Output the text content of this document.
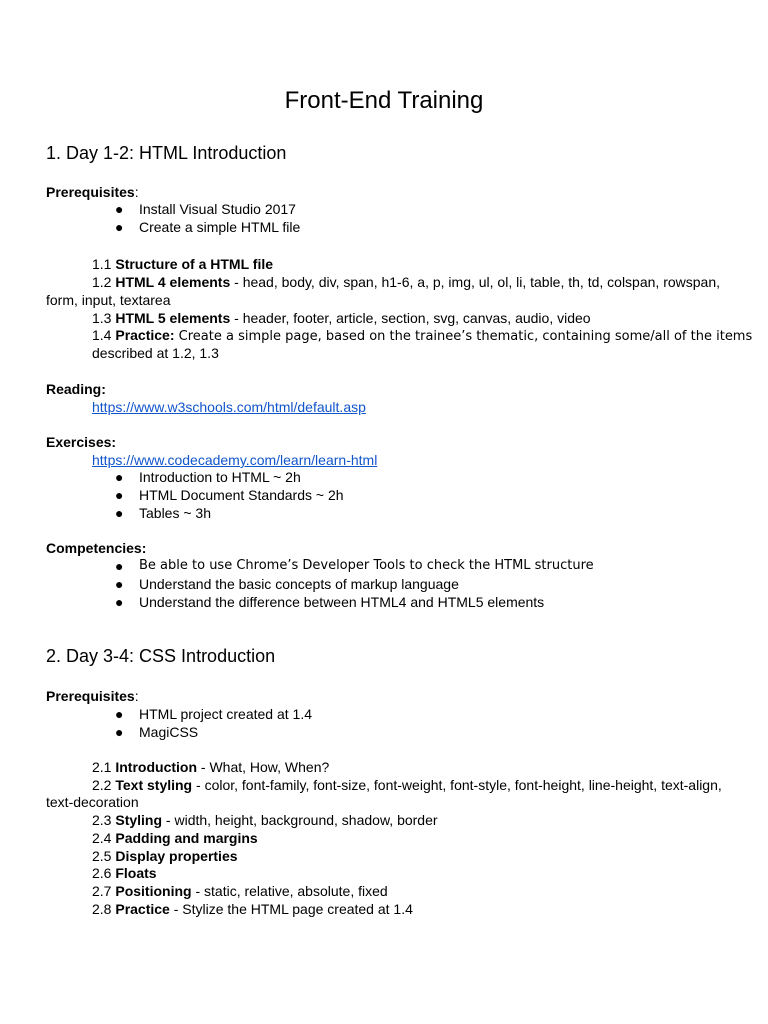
Front-End Training
1. Day 1-2: HTML Introduction
Prerequisites:
● Install Visual Studio 2017
● Create a simple HTML file
1.1 Structure of a HTML file
1.2 HTML 4 elements - head, body, div, span, h1-6, a, p, img, ul, ol, li, table, th, td, colspan, rowspan,
form, input, textarea
1.3 HTML 5 elements - header, footer, article, section, svg, canvas, audio, video
1.4 Practice: Create a simple page, based on the trainee’s thematic, containing some/all of the items
described at 1.2, 1.3
Reading:
https://www.w3schools.com/html/default.asp
Exercises:
https://www.codecademy.com/learn/learn-html
● Introduction to HTML ~ 2h
● HTML Document Standards ~ 2h
● Tables ~ 3h
Competencies:
● Be able to use Chrome’s Developer Tools to check the HTML structure
● Understand the basic concepts of markup language
● Understand the difference between HTML4 and HTML5 elements
2. Day 3-4: CSS Introduction
Prerequisites:
● HTML project created at 1.4
● MagiCSS
2.1 Introduction - What, How, When?
2.2 Text styling - color, font-family, font-size, font-weight, font-style, font-height, line-height, text-align,
text-decoration
2.3 Styling - width, height, background, shadow, border
2.4 Padding and margins
2.5 Display properties
2.6 Floats
2.7 Positioning - static, relative, absolute, fixed
2.8 Practice - Stylize the HTML page created at 1.4
